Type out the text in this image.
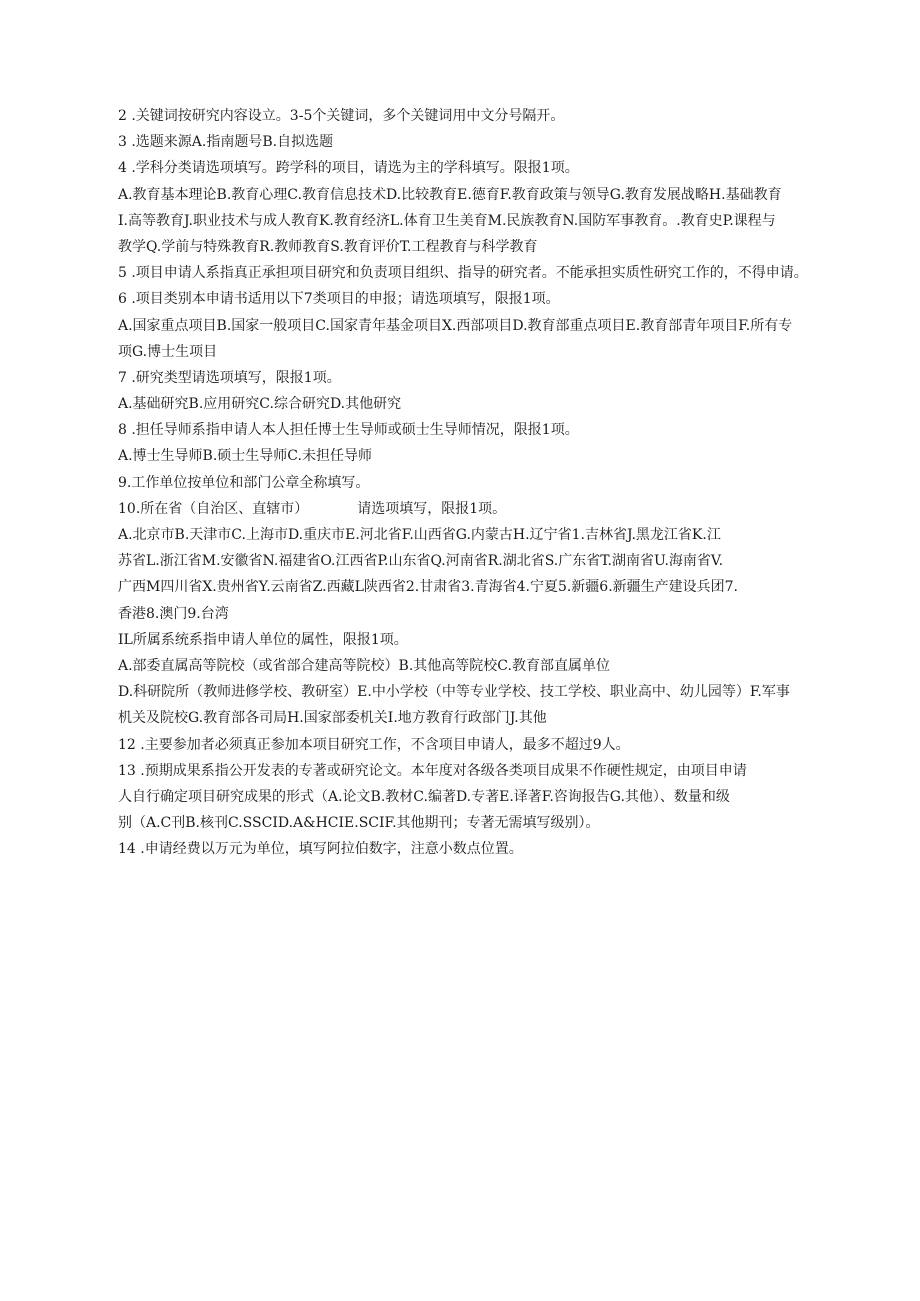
2 .关键词按研究内容设立。3-5个关键词，多个关键词用中文分号隔开。
3 .选题来源A.指南题号B.自拟选题
4 .学科分类请选项填写。跨学科的项目，请选为主的学科填写。限报1项。
A.教育基本理论B.教育心理C.教育信息技术D.比较教育E.德育F.教育政策与领导G.教育发展战略H.基础教育
I.高等教育J.职业技术与成人教育K.教育经济L.体育卫生美育M.民族教育N.国防军事教育。.教育史P.课程与
教学Q.学前与特殊教育R.教师教育S.教育评价T.工程教育与科学教育
5 .项目申请人系指真正承担项目研究和负责项目组织、指导的研究者。不能承担实质性研究工作的，不得申请。
6 .项目类别本申请书适用以下7类项目的申报；请选项填写，限报1项。
A.国家重点项目B.国家一般项目C.国家青年基金项目X.西部项目D.教育部重点项目E.教育部青年项目F.所有专
项G.博士生项目
7 .研究类型请选项填写，限报1项。
A.基础研究B.应用研究C.综合研究D.其他研究
8 .担任导师系指申请人本人担任博士生导师或硕士生导师情况，限报1项。
A.博士生导师B.硕士生导师C.未担任导师
9.工作单位按单位和部门公章全称填写。
10.所在省（自治区、直辖市）　　　　请选项填写，限报1项。
A.北京市B.天津市C.上海市D.重庆市E.河北省F.山西省G.内蒙古H.辽宁省1.吉林省J.黑龙江省K.江
苏省L.浙江省M.安徽省N.福建省O.江西省P.山东省Q.河南省R.湖北省S.广东省T.湖南省U.海南省V.
广西M四川省X.贵州省Y.云南省Z.西藏L陕西省2.甘肃省3.青海省4.宁夏5.新疆6.新疆生产建设兵团7.
香港8.澳门9.台湾
IL所属系统系指申请人单位的属性，限报1项。
A.部委直属高等院校（或省部合建高等院校）B.其他高等院校C.教育部直属单位
D.科研院所（教师进修学校、教研室）E.中小学校（中等专业学校、技工学校、职业高中、幼儿园等）F.军事
机关及院校G.教育部各司局H.国家部委机关I.地方教育行政部门J.其他
12 .主要参加者必须真正参加本项目研究工作，不含项目申请人，最多不超过9人。
13 .预期成果系指公开发表的专著或研究论文。本年度对各级各类项目成果不作硬性规定，由项目申请
人自行确定项目研究成果的形式（A.论文B.教材C.编著D.专著E.译著F.咨询报告G.其他）、数量和级
别（A.C刊B.核刊C.SSCID.A&HCIE.SCIF.其他期刊；专著无需填写级别）。
14 .申请经费以万元为单位，填写阿拉伯数字，注意小数点位置。
